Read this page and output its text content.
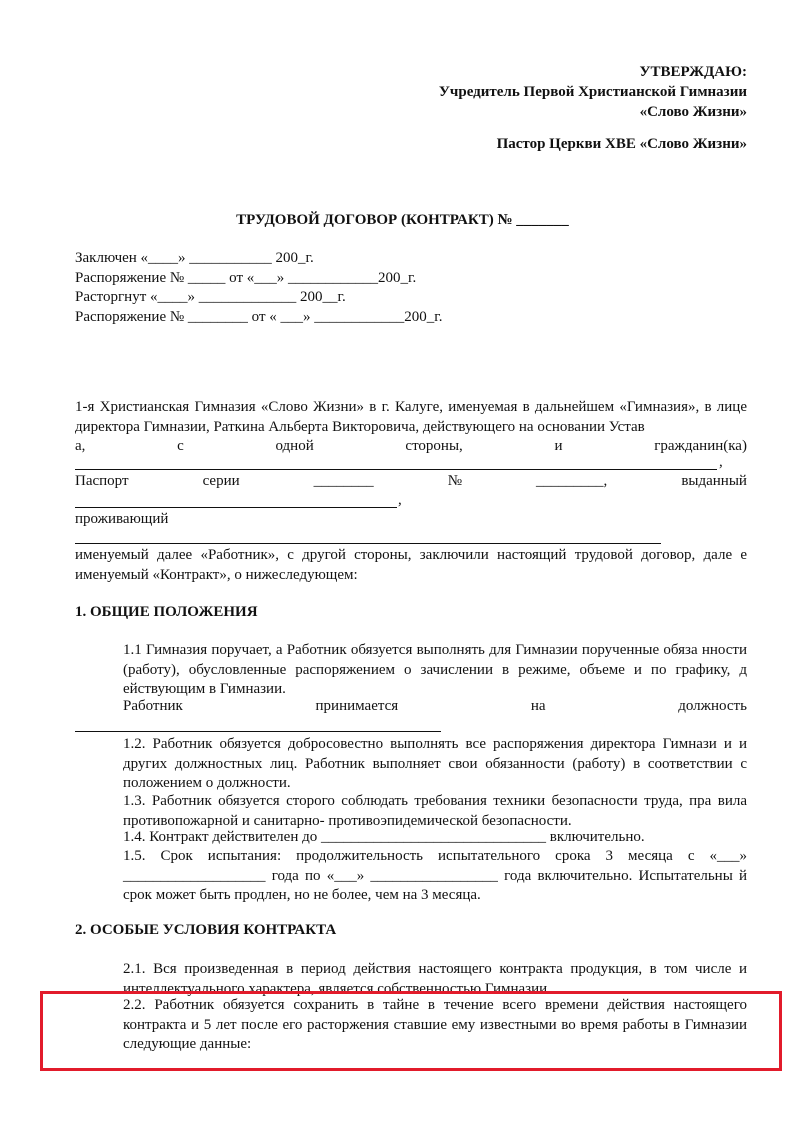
УТВЕРЖДАЮ:
Учредитель Первой Христианской Гимназии
«Слово Жизни»
Пастор Церкви ХВЕ «Слово Жизни»
ТРУДОВОЙ ДОГОВОР (КОНТРАКТ) № _______
Заключен «____» ___________ 200_г.
Распоряжение № _____ от «___» ____________200_г.
Расторгнут «____» _____________ 200__г.
Распоряжение № ________ от « ___» ____________200_г.
1-я Христианская Гимназия «Слово Жизни» в г. Калуге, именуемая в дальнейшем «Гимназия», в лице директора Гимназии, Раткина Альберта Викторовича, действующего на основании Устав
а,	с	одной	стороны,	и	гражданин(ка)
,
Паспорт	серии	________	№	_________,	выданный
,
проживающий
именуемый далее «Работник», с другой стороны, заключили настоящий трудовой договор, дале е именуемый «Контракт», о нижеследующем:
1. ОБЩИЕ ПОЛОЖЕНИЯ
1.1 Гимназия поручает, а Работник обязуется выполнять для Гимназии порученные обяза нности (работу), обусловленные распоряжением о зачислении в режиме, объеме и по графику, д ействующим в Гимназии.
Работник	принимается	на	должность
1.2. Работник обязуется добросовестно выполнять все распоряжения директора Гимнази и и других должностных лиц. Работник выполняет свои обязанности (работу) в соответствии с положением о должности.
1.3. Работник обязуется сторого соблюдать требования техники безопасности труда, пра вила противопожарной и санитарно- противоэпидемической безопасности.
1.4. Контракт действителен до ______________________________ включительно.
1.5. Срок испытания: продолжительность испытательного срока 3 месяца с «___» ___________________ года по «___» _________________ года включительно. Испытательны й срок может быть продлен, но не более, чем на 3 месяца.
2. ОСОБЫЕ УСЛОВИЯ КОНТРАКТА
2.1. Вся произведенная в период действия настоящего контракта продукция, в том числе и интеллектуального характера, является собственностью Гимназии.
2.2. Работник обязуется сохранить в тайне в течение всего времени действия настоящего контракта и 5 лет после его расторжения ставшие ему известными во время работы в Гимназии следующие данные:
